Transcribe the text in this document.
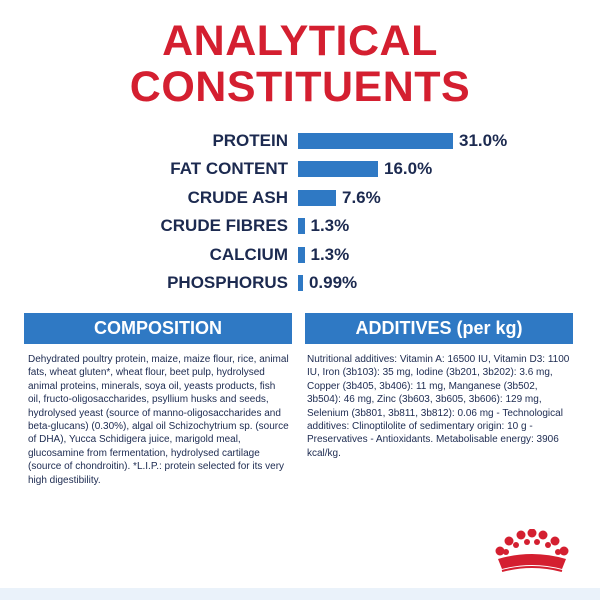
ANALYTICAL
CONSTITUENTS
PROTEIN	31.0%
FAT CONTENT	16.0%
CRUDE ASH	7.6%
CRUDE FIBRES 1.3%
CALCIUM 1.3%
PHOSPHORUS 0.99%
COMPOSITION	ADDITIVES (per kg)
Dehydrated poultry protein, maize, maize flour, rice, animal fats, wheat gluten*, wheat flour, beet pulp, hydrolysed animal proteins, minerals, soya oil, yeasts products, fish oil, fructo-oligosaccharides, psyllium husks and seeds, hydrolysed yeast (source of manno-oligosaccharides and beta-glucans) (0.30%), algal oil Schizochytrium sp. (source of DHA), Yucca Schidigera juice, marigold meal, glucosamine from fermentation, hydrolysed cartilage (source of chondroitin). *L.I.P.: protein selected for its very high digestibility.
Nutritional additives: Vitamin A: 16500 IU, Vitamin D3: 1100 IU, Iron (3b103): 35 mg, Iodine (3b201, 3b202): 3.6 mg, Copper (3b405, 3b406): 11 mg, Manganese (3b502, 3b504): 46 mg, Zinc (3b603, 3b605, 3b606): 129 mg, Selenium (3b801, 3b811, 3b812): 0.06 mg - Technological additives: Clinoptilolite of sedimentary origin: 10 g - Preservatives - Antioxidants. Metabolisable energy: 3906 kcal/kg.
